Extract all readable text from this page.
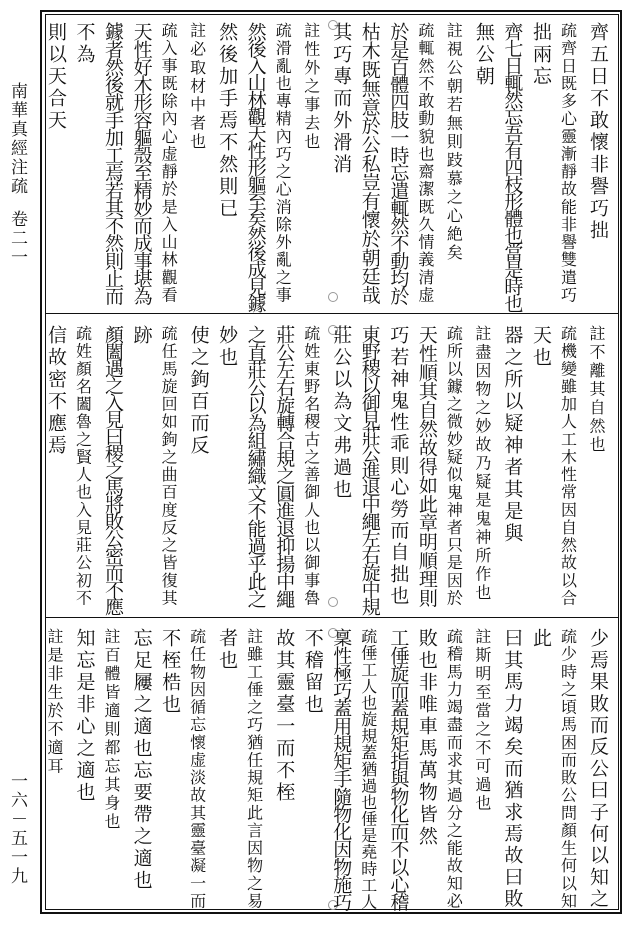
南華真經注疏卷二一
一六－五一九
齊五日不敢懷非譽巧拙
疏齊日既多心靈漸靜故能非譽雙遣巧
拙兩忘
齊七日輒然忘吾有四枝形體也當是時也
無公朝
註視公朝若無則跂慕之心絶矣
疏輒然不敢動貌也齋潔既久情義清虚
於是百體四肢一時忘遣輒然不動均於
枯木既無意於公私豈有懷於朝廷哉
其巧專而外滑消
註性外之事去也
疏滑亂也專精內巧之心消除外亂之事
然後入山林觀天性形軀至矣然後成見鐻
然後加手焉不然則已
註必取材中者也
疏入事既除內心虚靜於是入山林觀看
天性好木形容軀殼至精妙而成事堪為
鐻者然後就手加工焉若其不然則止而
不為
則以天合天
註不離其自然也
疏機變雖加人工木性常因自然故以合
天也
器之所以疑神者其是與
註盡因物之妙故乃疑是鬼神所作也
疏所以鐻之微妙疑似鬼神者只是因於
天性順其自然故得如此章明順理則
巧若神鬼性乖則心勞而自拙也
東野稷以御見莊公進退中繩左右旋中規
莊公以為文弗過也
疏姓東野名稷古之善御人也以御事魯
莊公左右旋轉合規之圓進退抑揚中繩
之直莊公以為組繡織文不能過乎此之
妙也
使之鉤百而反
疏任馬旋回如鉤之曲百度反之皆復其
跡
顏闔遇之入見曰稷之馬將敗公密而不應
疏姓顏名闔魯之賢人也入見莊公初不
信故密不應焉
少焉果敗而反公曰子何以知之
疏少時之頃馬困而敗公問顏生何以知
此
曰其馬力竭矣而猶求焉故曰敗
註斯明至當之不可過也
疏稽馬力竭盡而求其過分之能故知必
敗也非唯車馬萬物皆然
工倕旋而蓋規矩指與物化而不以心稽
疏倕工人也旋規蓋猶過也倕是堯時工人
稟性極巧蓋用規矩手隨物化因物施巧
不稽留也
故其靈臺一而不桎
註雖工倕之巧猶任規矩此言因物之易
者也
疏任物因循忘懷虚淡故其靈臺凝一而
不桎梏也
忘足屨之適也忘要帶之適也
註百體皆適則都忘其身也
知忘是非心之適也
註是非生於不適耳
